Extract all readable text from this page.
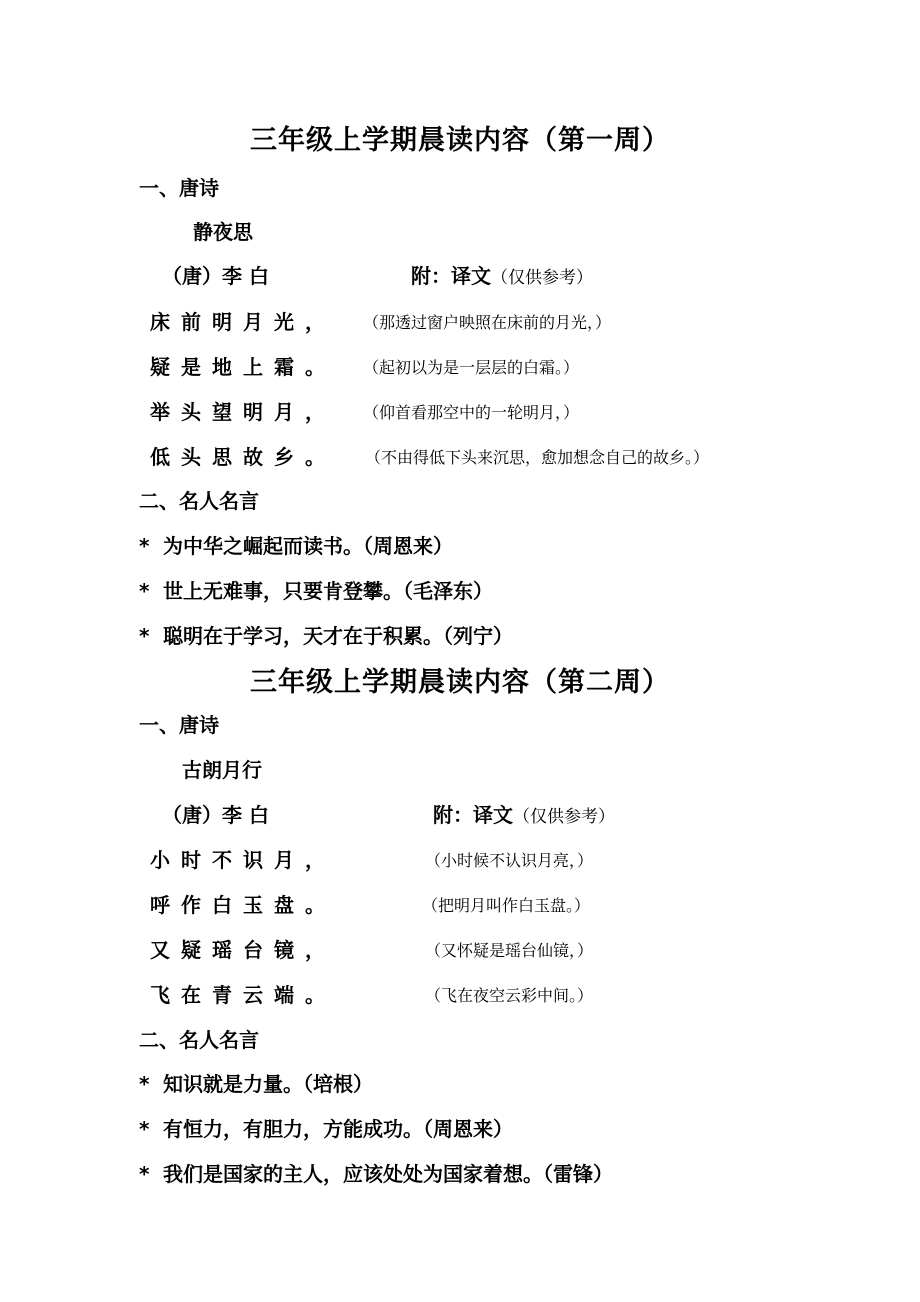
三年级上学期晨读内容（第一周）
一、唐诗
静夜思
（唐）李 白	附：译文（仅供参考）
床前明月光， （那透过窗户映照在床前的月光，）
疑是地上霜。 （起初以为是一层层的白霜。）
举头望明月， （仰首看那空中的一轮明月，）
低头思故乡。 （不由得低下头来沉思，愈加想念自己的故乡。）
二、名人名言
* 为中华之崛起而读书。（周恩来）
* 世上无难事，只要肯登攀。（毛泽东）
* 聪明在于学习，天才在于积累。（列宁）
三年级上学期晨读内容（第二周）
一、唐诗
古朗月行
（唐）李 白	附：译文（仅供参考）
小时不识月，	（小时候不认识月亮，）
呼作白玉盘。	（把明月叫作白玉盘。）
又疑瑶台镜，	（又怀疑是瑶台仙镜，）
飞在青云端。	（飞在夜空云彩中间。）
二、名人名言
* 知识就是力量。（培根）
* 有恒力，有胆力，方能成功。（周恩来）
* 我们是国家的主人，应该处处为国家着想。（雷锋）
